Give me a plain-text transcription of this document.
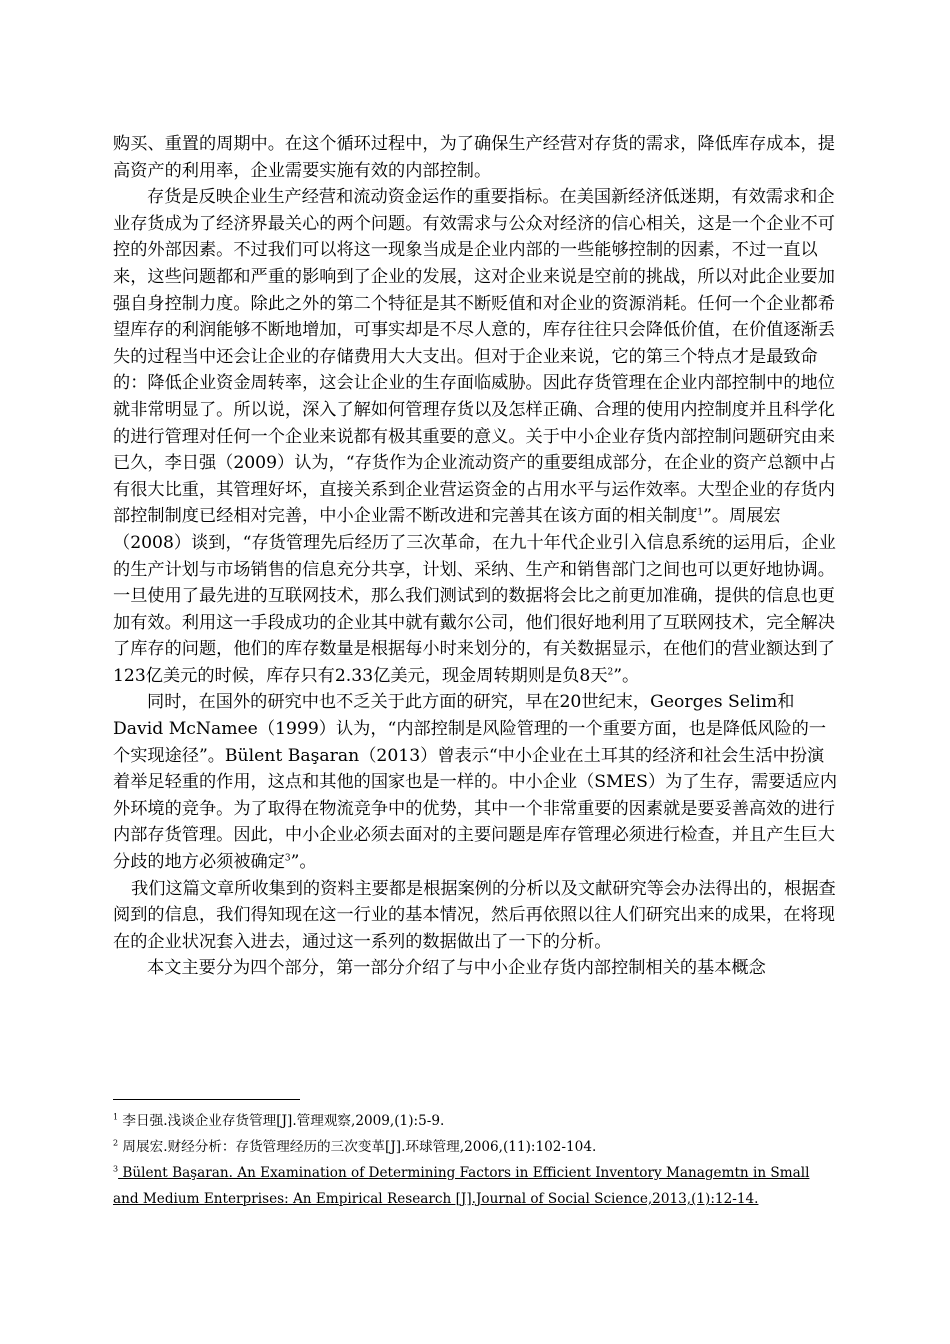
购买、重置的周期中。在这个循环过程中，为了确保生产经营对存货的需求，降低库存成本，提高资产的利用率，企业需要实施有效的内部控制。

存货是反映企业生产经营和流动资金运作的重要指标。在美国新经济低迷期，有效需求和企业存货成为了经济界最关心的两个问题。有效需求与公众对经济的信心相关，这是一个企业不可控的外部因素。不过我们可以将这一现象当成是企业内部的一些能够控制的因素，不过一直以来，这些问题都和严重的影响到了企业的发展，这对企业来说是空前的挑战，所以对此企业要加强自身控制力度。除此之外的第二个特征是其不断贬值和对企业的资源消耗。任何一个企业都希望库存的利润能够不断地增加，可事实却是不尽人意的，库存往往只会降低价值，在价值逐渐丢失的过程当中还会让企业的存储费用大大支出。但对于企业来说，它的第三个特点才是最致命的：降低企业资金周转率，这会让企业的生存面临威胁。因此存货管理在企业内部控制中的地位就非常明显了。所以说，深入了解如何管理存货以及怎样正确、合理的使用内控制度并且科学化的进行管理对任何一个企业来说都有极其重要的意义。关于中小企业存货内部控制问题研究由来已久，李日强（2009）认为，“存货作为企业流动资产的重要组成部分，在企业的资产总额中占有很大比重，其管理好坏，直接关系到企业营运资金的占用水平与运作效率。大型企业的存货内部控制制度已经相对完善，中小企业需不断改进和完善其在该方面的相关制度$^1$”。周展宏（2008）谈到，“存货管理先后经历了三次革命，在九十年代企业引入信息系统的运用后，企业的生产计划与市场销售的信息充分共享，计划、采纳、生产和销售部门之间也可以更好地协调。一旦使用了最先进的互联网技术，那么我们测试到的数据将会比之前更加准确，提供的信息也更加有效。利用这一手段成功的企业其中就有戴尔公司，他们很好地利用了互联网技术，完全解决了库存的问题，他们的库存数量是根据每小时来划分的，有关数据显示，在他们的营业额达到了123亿美元的时候，库存只有2.33亿美元，现金周转期则是负8天$^2$”。

同时，在国外的研究中也不乏关于此方面的研究，早在20世纪末，Georges Selim和David McNamee（1999）认为，“内部控制是风险管理的一个重要方面，也是降低风险的一个实现途径”。Bülent Başaran（2013）曾表示“中小企业在土耳其的经济和社会生活中扮演着举足轻重的作用，这点和其他的国家也是一样的。中小企业（SMES）为了生存，需要适应内外环境的竞争。为了取得在物流竞争中的优势，其中一个非常重要的因素就是要妥善高效的进行内部存货管理。因此，中小企业必须去面对的主要问题是库存管理必须进行检查，并且产生巨大分歧的地方必须被确定$^3$”。

我们这篇文章所收集到的资料主要都是根据案例的分析以及文献研究等会办法得出的，根据查阅到的信息，我们得知现在这一行业的基本情况，然后再依照以往人们研究出来的成果，在将现在的企业状况套入进去，通过这一系列的数据做出了一下的分析。

本文主要分为四个部分，第一部分介绍了与中小企业存货内部控制相关的基本概念

$^1$ 李日强.浅谈企业存货管理[J].管理观察,2009,(1):5-9.

$^2$ 周展宏.财经分析：存货管理经历的三次变革[J].环球管理,2006,(11):102-104.

$^3$ Bülent Başaran. An Examination of Determining Factors in Efficient Inventory Managemtn in Small and Medium Enterprises: An Empirical Research [J].Journal of Social Science,2013,(1):12-14.
